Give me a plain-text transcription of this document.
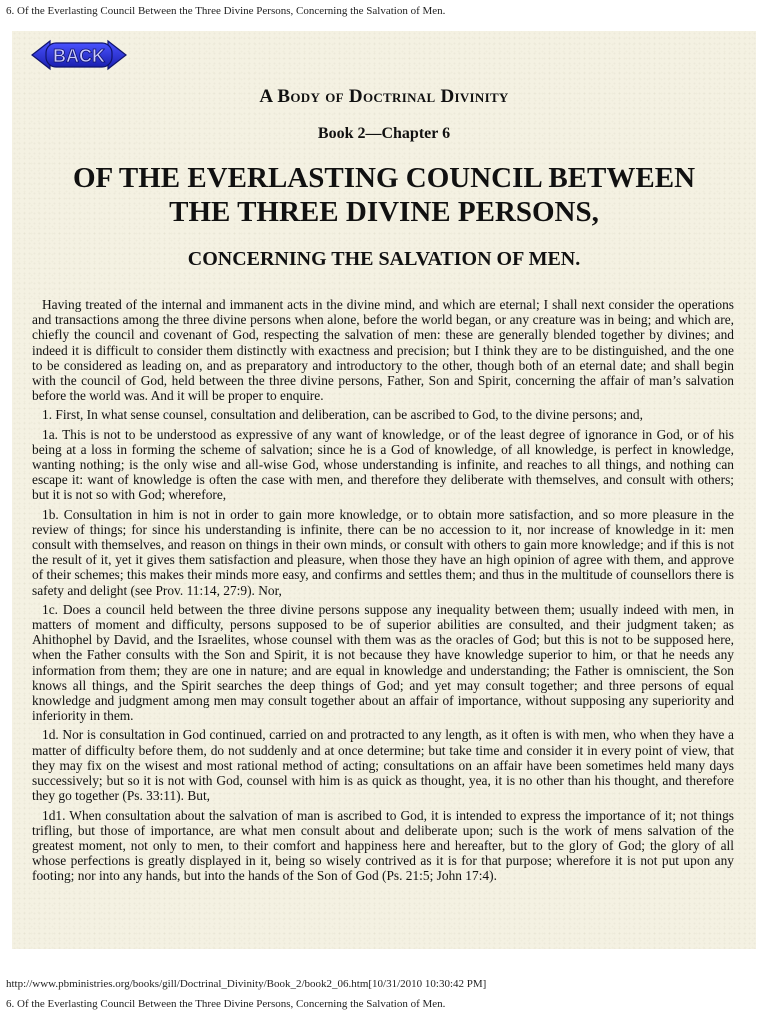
6. Of the Everlasting Council Between the Three Divine Persons, Concerning the Salvation of Men.
BACK
A Body of Doctrinal Divinity
Book 2—Chapter 6
OF THE EVERLASTING COUNCIL BETWEEN
THE THREE DIVINE PERSONS,
CONCERNING THE SALVATION OF MEN.

Having treated of the internal and immanent acts in the divine mind, and which are eternal; I shall next consider the operations and transactions among the three divine persons when alone, before the world began, or any creature was in being; and which are, chiefly the council and covenant of God, respecting the salvation of men: these are generally blended together by divines; and indeed it is difficult to consider them distinctly with exactness and precision; but I think they are to be distinguished, and the one to be considered as leading on, and as preparatory and introductory to the other, though both of an eternal date; and shall begin with the council of God, held between the three divine persons, Father, Son and Spirit, concerning the affair of man’s salvation before the world was. And it will be proper to enquire.

1. First, In what sense counsel, consultation and deliberation, can be ascribed to God, to the divine persons; and,

1a. This is not to be understood as expressive of any want of knowledge, or of the least degree of ignorance in God, or of his being at a loss in forming the scheme of salvation; since he is a God of knowledge, of all knowledge, is perfect in knowledge, wanting nothing; is the only wise and all-wise God, whose understanding is infinite, and reaches to all things, and nothing can escape it: want of knowledge is often the case with men, and therefore they deliberate with themselves, and consult with others; but it is not so with God; wherefore,

1b. Consultation in him is not in order to gain more knowledge, or to obtain more satisfaction, and so more pleasure in the review of things; for since his understanding is infinite, there can be no accession to it, nor increase of knowledge in it: men consult with themselves, and reason on things in their own minds, or consult with others to gain more knowledge; and if this is not the result of it, yet it gives them satisfaction and pleasure, when those they have an high opinion of agree with them, and approve of their schemes; this makes their minds more easy, and confirms and settles them; and thus in the multitude of counsellors there is safety and delight (see Prov. 11:14, 27:9). Nor,

1c. Does a council held between the three divine persons suppose any inequality between them; usually indeed with men, in matters of moment and difficulty, persons supposed to be of superior abilities are consulted, and their judgment taken; as Ahithophel by David, and the Israelites, whose counsel with them was as the oracles of God; but this is not to be supposed here, when the Father consults with the Son and Spirit, it is not because they have knowledge superior to him, or that he needs any information from them; they are one in nature; and are equal in knowledge and understanding; the Father is omniscient, the Son knows all things, and the Spirit searches the deep things of God; and yet may consult together; and three persons of equal knowledge and judgment among men may consult together about an affair of importance, without supposing any superiority and inferiority in them.

1d. Nor is consultation in God continued, carried on and protracted to any length, as it often is with men, who when they have a matter of difficulty before them, do not suddenly and at once determine; but take time and consider it in every point of view, that they may fix on the wisest and most rational method of acting; consultations on an affair have been sometimes held many days successively; but so it is not with God, counsel with him is as quick as thought, yea, it is no other than his thought, and therefore they go together (Ps. 33:11). But,

1d1. When consultation about the salvation of man is ascribed to God, it is intended to express the importance of it; not things trifling, but those of importance, are what men consult about and deliberate upon; such is the work of mens salvation of the greatest moment, not only to men, to their comfort and happiness here and hereafter, but to the glory of God; the glory of all whose perfections is greatly displayed in it, being so wisely contrived as it is for that purpose; wherefore it is not put upon any footing; nor into any hands, but into the hands of the Son of God (Ps. 21:5; John 17:4).

http://www.pbministries.org/books/gill/Doctrinal_Divinity/Book_2/book2_06.htm[10/31/2010 10:30:42 PM]
6. Of the Everlasting Council Between the Three Divine Persons, Concerning the Salvation of Men.
